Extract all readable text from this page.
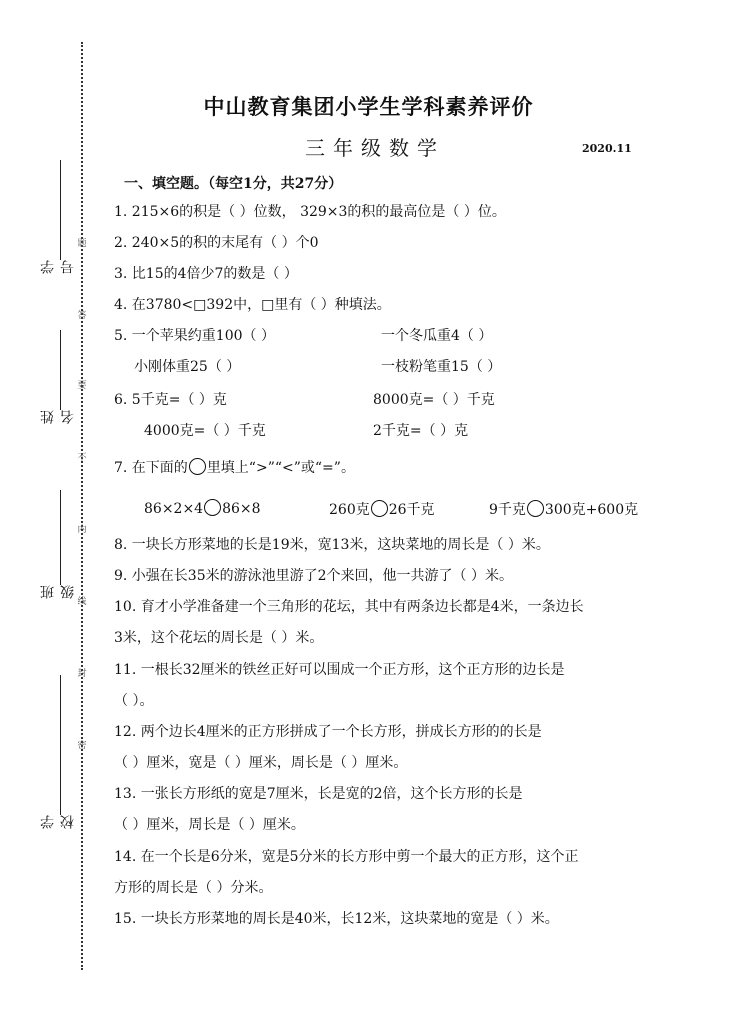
题
答
要
不
内
线
封
密
学号
姓名
班级
学校
中山教育集团小学生学科素养评价
三年级数学	2020.11
一、填空题。（每空1分，共27分）
1. 215×6的积是（ ）位数， 329×3的积的最高位是（ ）位。
2. 240×5的积的末尾有（ ）个0
3. 比15的4倍少7的数是（ ）
4. 在3780<□392中，□里有（ ）种填法。
5. 一个苹果约重100（ ）	一个冬瓜重4（ ）
小刚体重25（ ）	一枝粉笔重15（ ）
6. 5千克=（ ）克	8000克=（ ）千克
4000克=（ ）千克	2千克=（ ）克
7. 在下面的 里填上“>”“<”或“=”。
86×2×4 86×8	260克 26千克	9千克 300克+600克
8. 一块长方形菜地的长是19米，宽13米，这块菜地的周长是（ ）米。
9. 小强在长35米的游泳池里游了2个来回，他一共游了（ ）米。
10. 育才小学准备建一个三角形的花坛，其中有两条边长都是4米，一条边长
3米，这个花坛的周长是（ ）米。
11. 一根长32厘米的铁丝正好可以围成一个正方形，这个正方形的边长是
（ ）。
12. 两个边长4厘米的正方形拼成了一个长方形，拼成长方形的的长是
（ ）厘米，宽是（ ）厘米，周长是（ ）厘米。
13. 一张长方形纸的宽是7厘米，长是宽的2倍，这个长方形的长是
（ ）厘米，周长是（ ）厘米。
14. 在一个长是6分米，宽是5分米的长方形中剪一个最大的正方形，这个正
方形的周长是（ ）分米。
15. 一块长方形菜地的周长是40米，长12米，这块菜地的宽是（ ）米。
